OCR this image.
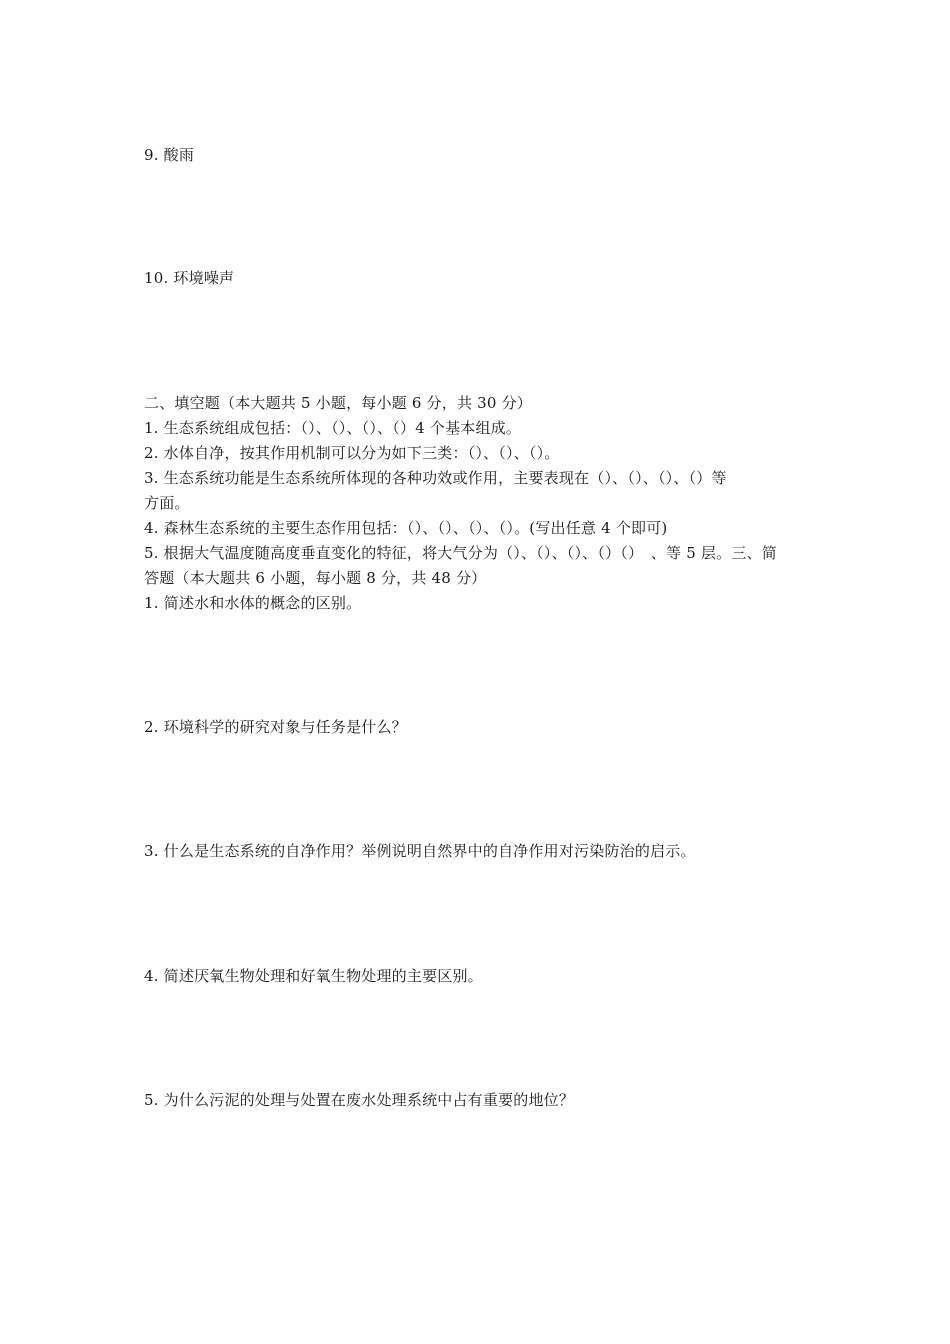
9. 酸雨
10. 环境噪声
二、填空题（本大题共 5 小题，每小题 6 分，共 30 分）
1. 生态系统组成包括：（）、（）、（）、（）4 个基本组成。
2. 水体自净，按其作用机制可以分为如下三类：（）、（）、（）。
3. 生态系统功能是生态系统所体现的各种功效或作用，主要表现在（）、（）、（）、（）等
方面。
4. 森林生态系统的主要生态作用包括：（）、（）、（）、（）。(写出任意 4 个即可)
5. 根据大气温度随高度垂直变化的特征，将大气分为（）、（）、（）、（）（）　、等 5 层。三、简
答题（本大题共 6 小题，每小题 8 分，共 48 分）
1. 简述水和水体的概念的区别。
2. 环境科学的研究对象与任务是什么？
3. 什么是生态系统的自净作用？举例说明自然界中的自净作用对污染防治的启示。
4. 简述厌氧生物处理和好氧生物处理的主要区别。
5. 为什么污泥的处理与处置在废水处理系统中占有重要的地位？
